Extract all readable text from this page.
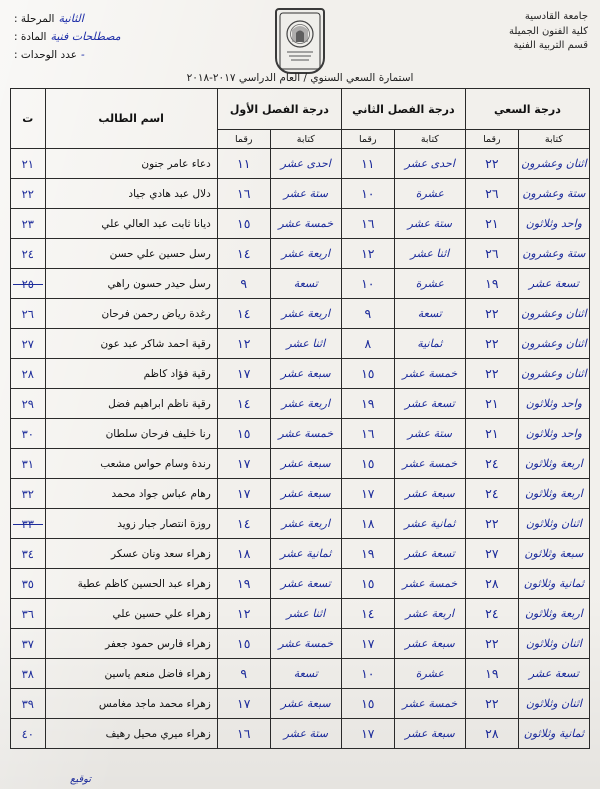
جامعة القادسية
كلية الفنون الجميلة
قسم التربية الفنية
الثانية
المرحلة :
مصطلحات فنية
المادة :
-
عدد الوحدات :
استمارة السعي السنوي / العام الدراسي ٢٠١٧-٢٠١٨
درجة السعي		درجة الفصل الثاني		درجة الفصل الأول		اسم الطالب	ت
كتابة	رقما	كتابة	رقما	كتابة	رقما		
اثنان وعشرون	٢٢	احدى عشر	١١	احدى عشر	١١	دعاء عامر جنون	٢١
ستة وعشرون	٢٦	عشرة	١٠	ستة عشر	١٦	دلال عبد هادي جياد	٢٢
واحد وثلاثون	٢١	ستة عشر	١٦	خمسة عشر	١٥	ديانا ثابت عبد العالي علي	٢٣
ستة وعشرون	٢٦	اثنا عشر	١٢	اربعة عشر	١٤	رسل حسين علي حسن	٢٤
تسعة عشر	١٩	عشرة	١٠	تسعة	٩	رسل حيدر حسون راهي	٢٥
اثنان وعشرون	٢٢	تسعة	٩	اربعة عشر	١٤	رغدة رياض رحمن فرحان	٢٦
اثنان وعشرون	٢٢	ثمانية	٨	اثنا عشر	١٢	رقية احمد شاكر عبد عون	٢٧
اثنان وعشرون	٢٢	خمسة عشر	١٥	سبعة عشر	١٧	رقية فؤاد كاظم	٢٨
واحد وثلاثون	٢١	تسعة عشر	١٩	اربعة عشر	١٤	رقية ناظم ابراهيم فضل	٢٩
واحد وثلاثون	٢١	ستة عشر	١٦	خمسة عشر	١٥	رنا خليف فرحان سلطان	٣٠
اربعة وثلاثون	٢٤	خمسة عشر	١٥	سبعة عشر	١٧	رندة وسام حواس مشعب	٣١
اربعة وثلاثون	٢٤	سبعة عشر	١٧	سبعة عشر	١٧	رهام عباس جواد محمد	٣٢
اثنان وثلاثون	٢٢	ثمانية عشر	١٨	اربعة عشر	١٤	روزة انتصار جبار زويد	٣٣
سبعة وثلاثون	٢٧	تسعة عشر	١٩	ثمانية عشر	١٨	زهراء سعد ونان عسكر	٣٤
ثمانية وثلاثون	٢٨	خمسة عشر	١٥	تسعة عشر	١٩	زهراء عبد الحسين كاظم عطية	٣٥
اربعة وثلاثون	٢٤	اربعة عشر	١٤	اثنا عشر	١٢	زهراء علي حسين علي	٣٦
اثنان وثلاثون	٢٢	سبعة عشر	١٧	خمسة عشر	١٥	زهراء فارس حمود جعفر	٣٧
تسعة عشر	١٩	عشرة	١٠	تسعة	٩	زهراء فاضل منعم ياسين	٣٨
اثنان وثلاثون	٢٢	خمسة عشر	١٥	سبعة عشر	١٧	زهراء محمد ماجد مغامس	٣٩
ثمانية وثلاثون	٢٨	سبعة عشر	١٧	ستة عشر	١٦	زهراء ميري محيل رهيف	٤٠
توقيع
